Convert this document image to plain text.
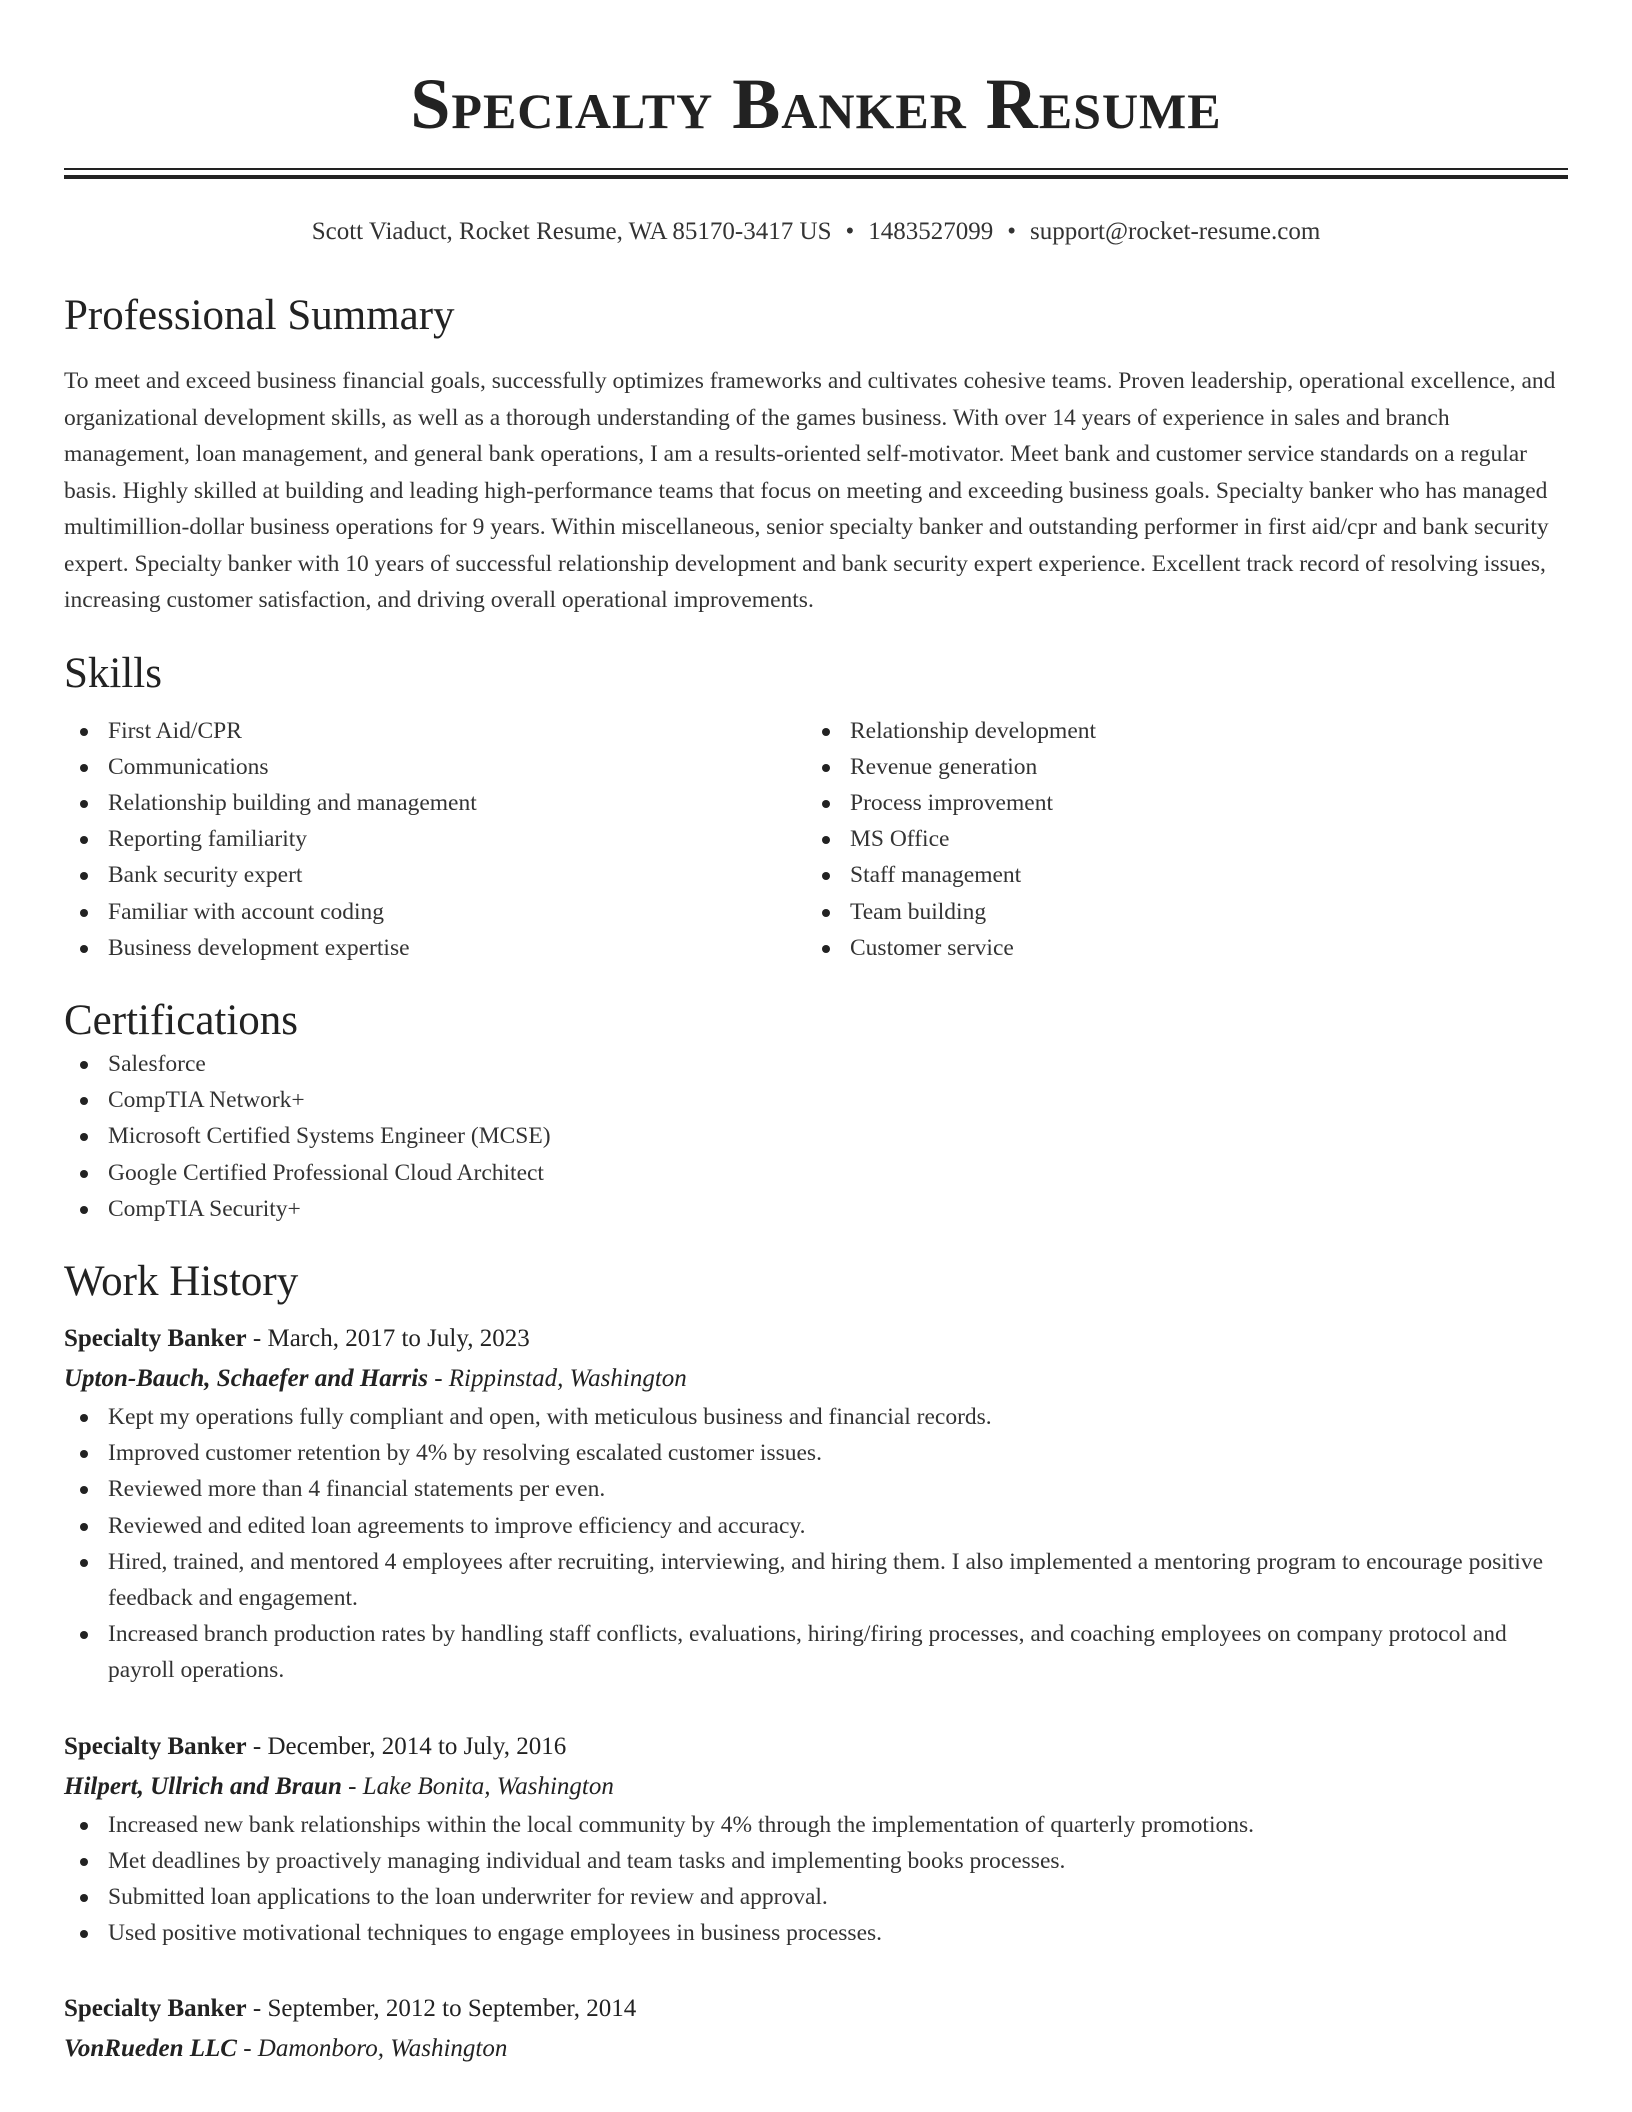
Specialty Banker Resume
Scott Viaduct, Rocket Resume, WA 85170-3417 US • 1483527099 • support@rocket-resume.com
Professional Summary

To meet and exceed business financial goals, successfully optimizes frameworks and cultivates cohesive teams. Proven leadership, operational excellence, and organizational development skills, as well as a thorough understanding of the games business. With over 14 years of experience in sales and branch management, loan management, and general bank operations, I am a results-oriented self-motivator. Meet bank and customer service standards on a regular basis. Highly skilled at building and leading high-performance teams that focus on meeting and exceeding business goals. Specialty banker who has managed multimillion-dollar business operations for 9 years. Within miscellaneous, senior specialty banker and outstanding performer in first aid/cpr and bank security expert. Specialty banker with 10 years of successful relationship development and bank security expert experience. Excellent track record of resolving issues, increasing customer satisfaction, and driving overall operational improvements.

Skills
First Aid/CPR
Communications
Relationship building and management
Reporting familiarity
Bank security expert
Familiar with account coding
Business development expertise
Relationship development
Revenue generation
Process improvement
MS Office
Staff management
Team building
Customer service
Certifications
Salesforce
CompTIA Network+
Microsoft Certified Systems Engineer (MCSE)
Google Certified Professional Cloud Architect
CompTIA Security+
Work History
Specialty Banker - March, 2017 to July, 2023
Upton-Bauch, Schaefer and Harris - Rippinstad, Washington
Kept my operations fully compliant and open, with meticulous business and financial records.
Improved customer retention by 4% by resolving escalated customer issues.
Reviewed more than 4 financial statements per even.
Reviewed and edited loan agreements to improve efficiency and accuracy.
Hired, trained, and mentored 4 employees after recruiting, interviewing, and hiring them. I also implemented a mentoring program to encourage positive feedback and engagement.
Increased branch production rates by handling staff conflicts, evaluations, hiring/firing processes, and coaching employees on company protocol and payroll operations.
Specialty Banker - December, 2014 to July, 2016
Hilpert, Ullrich and Braun - Lake Bonita, Washington
Increased new bank relationships within the local community by 4% through the implementation of quarterly promotions.
Met deadlines by proactively managing individual and team tasks and implementing books processes.
Submitted loan applications to the loan underwriter for review and approval.
Used positive motivational techniques to engage employees in business processes.
Specialty Banker - September, 2012 to September, 2014
VonRueden LLC - Damonboro, Washington
